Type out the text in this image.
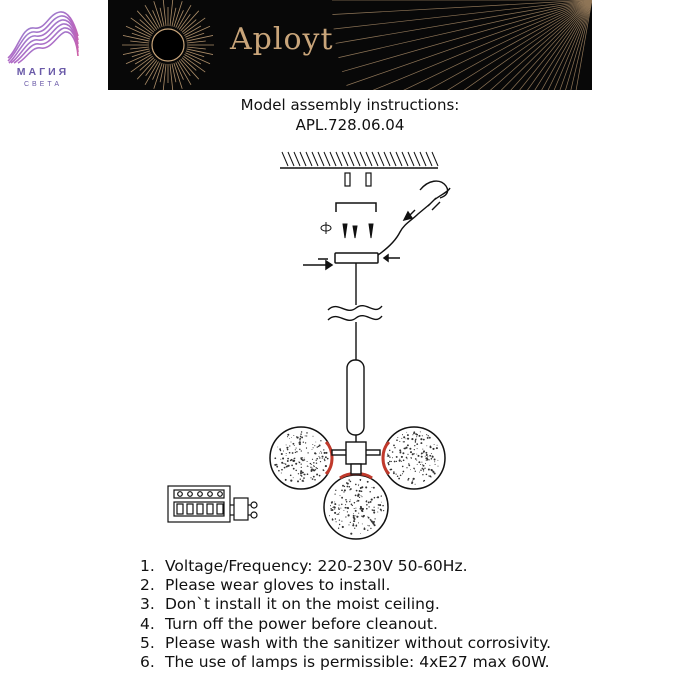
МАГИЯ
СВЕТА
Aployt
Model assembly instructions:
APL.728.06.04
1. Voltage/Frequency: 220-230V 50-60Hz.
2. Please wear gloves to install.
3. Don`t install it on the moist ceiling.
4. Turn off the power before cleanout.
5. Please wash with the sanitizer without corrosivity.
6. The use of lamps is permissible: 4xE27 max 60W.
